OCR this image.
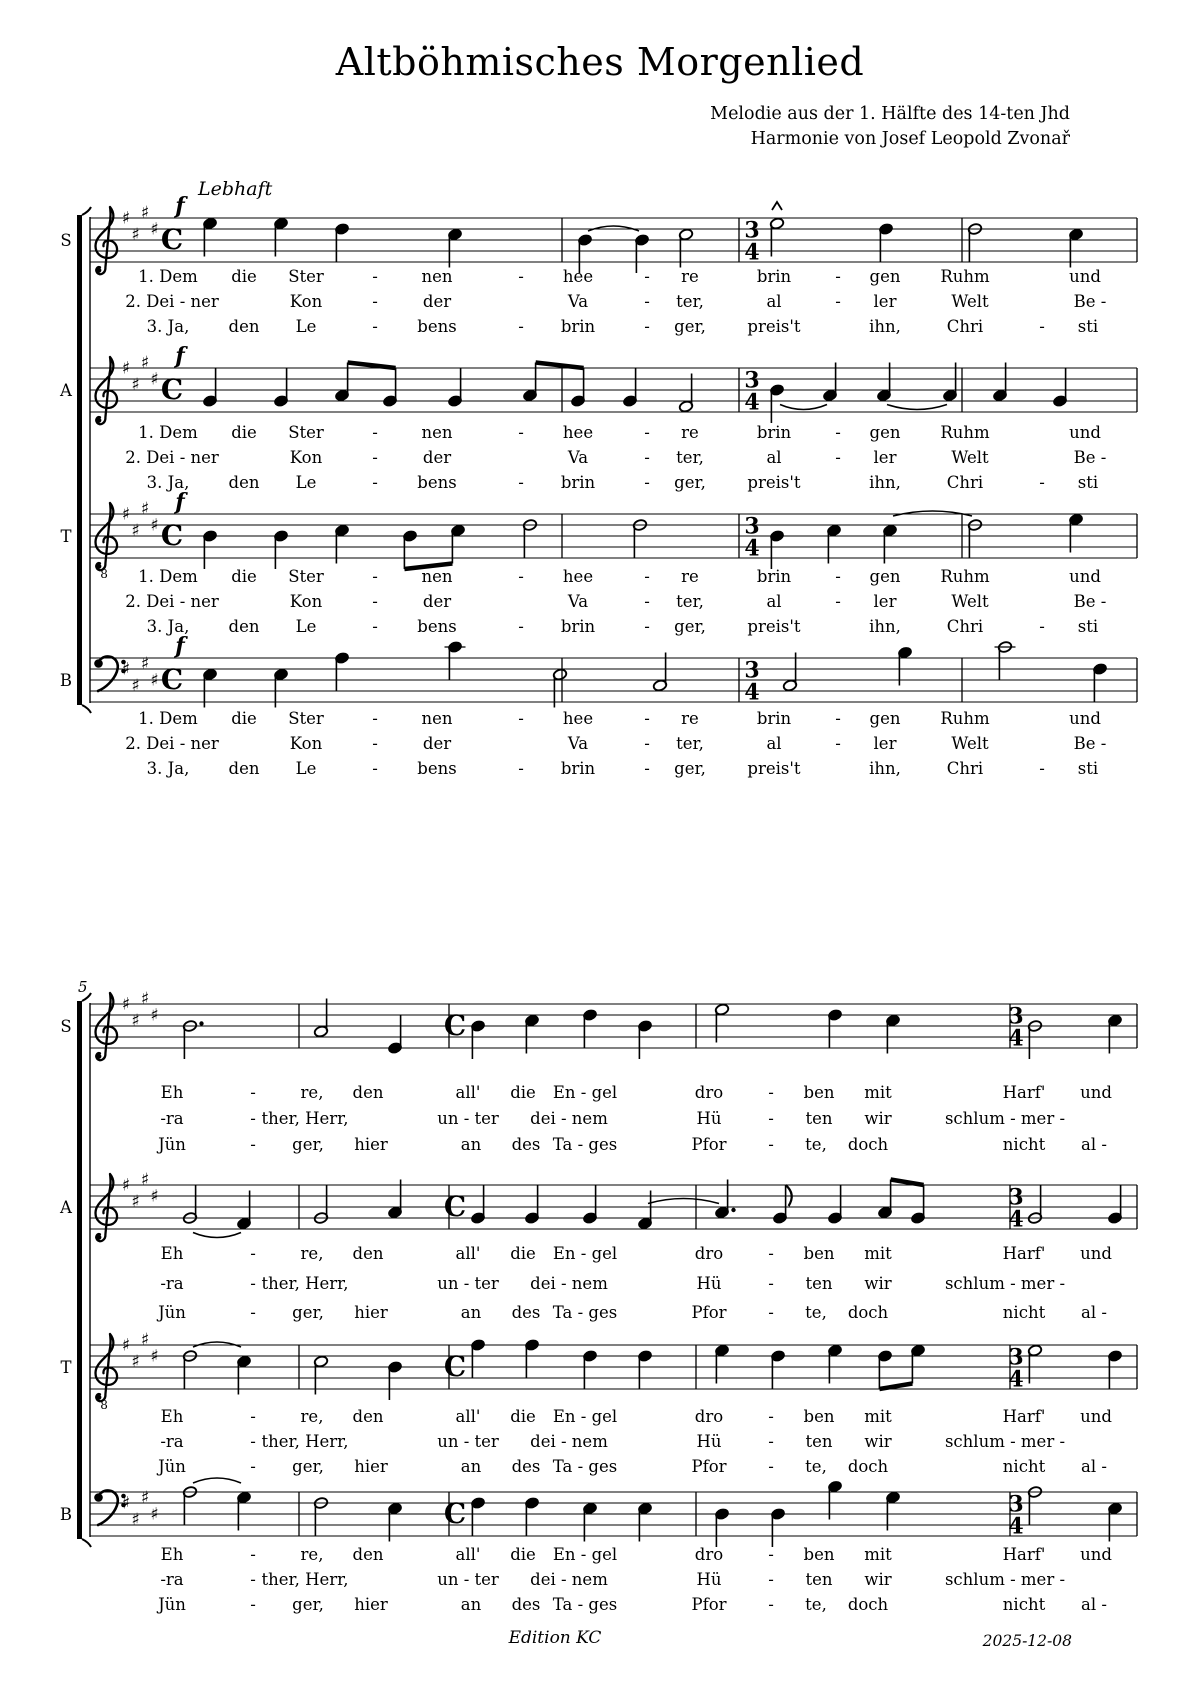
Altböhmisches Morgenlied
Melodie aus der 1. Hälfte des 14-ten Jhd
Harmonie von Josef Leopold Zvonař
Lebhaft
5
S
♯
♯
♯
♯ C	3
4
f
A
♯
♯
♯
♯ C	3
4
f
T
8
♯
♯
♯
♯ C	3
4
f
B
♯
♯
♯
♯ C	3
4
f
S
♯
♯
♯
♯	C	3
4
A
♯
♯
♯
♯	C	3
4
T
8
♯
♯
♯
♯	C	3
4
B
♯
♯
♯
♯	C	3
4
1. Dem die Ster	-	nen	- hee	- re	brin	- gen Ruhm	und
2. Dei - ner	Kon	-	der	Va	- ter,	al	- ler	Welt	Be -
3. Ja, den Le	- bens	- brin	- ger,	preis't	ihn,	Chri	- sti
1. Dem die Ster	-	nen	- hee	- re	brin	- gen Ruhm	und
2. Dei - ner	Kon	-	der	Va	- ter,	al	- ler	Welt	Be -
3. Ja, den Le	- bens	- brin	- ger,	preis't	ihn,	Chri	- sti
1. Dem die Ster	-	nen	- hee	- re	brin	- gen Ruhm	und
2. Dei - ner	Kon	-	der	Va	- ter,	al	- ler	Welt	Be -
3. Ja, den Le	- bens	- brin	- ger,	preis't	ihn,	Chri	- sti
1. Dem die Ster	-	nen	- hee	- re	brin	- gen Ruhm	und
2. Dei - ner	Kon	-	der	Va	- ter,	al	- ler	Welt	Be -
3. Ja, den Le	- bens	- brin	- ger,	preis't	ihn,	Chri	- sti
Eh	-	re, den	all' die En - gel	dro	- ben mit	Harf' und
-ra	- ther, Herr,	un - ter dei - nem	Hü	- ten wir	schlum - mer -
Jün	- ger, hier	an des Ta - ges	Pfor	- te, doch	nicht al -
Eh	-	re, den	all' die En - gel	dro	- ben mit	Harf' und
-ra	- ther, Herr,	un - ter dei - nem	Hü	- ten wir	schlum - mer -
Jün	- ger, hier	an des Ta - ges	Pfor	- te, doch	nicht al -
Eh	-	re, den	all' die En - gel	dro	- ben mit	Harf' und
-ra	- ther, Herr,	un - ter dei - nem	Hü	- ten wir	schlum - mer -
Jün	- ger, hier	an des Ta - ges	Pfor	- te, doch	nicht al -
Eh	-	re, den	all' die En - gel	dro	- ben mit	Harf' und
-ra	- ther, Herr,	un - ter dei - nem	Hü	- ten wir	schlum - mer -
Jün	- ger, hier	an des Ta - ges	Pfor	- te, doch	nicht al -
Edition KC	2025-12-08
